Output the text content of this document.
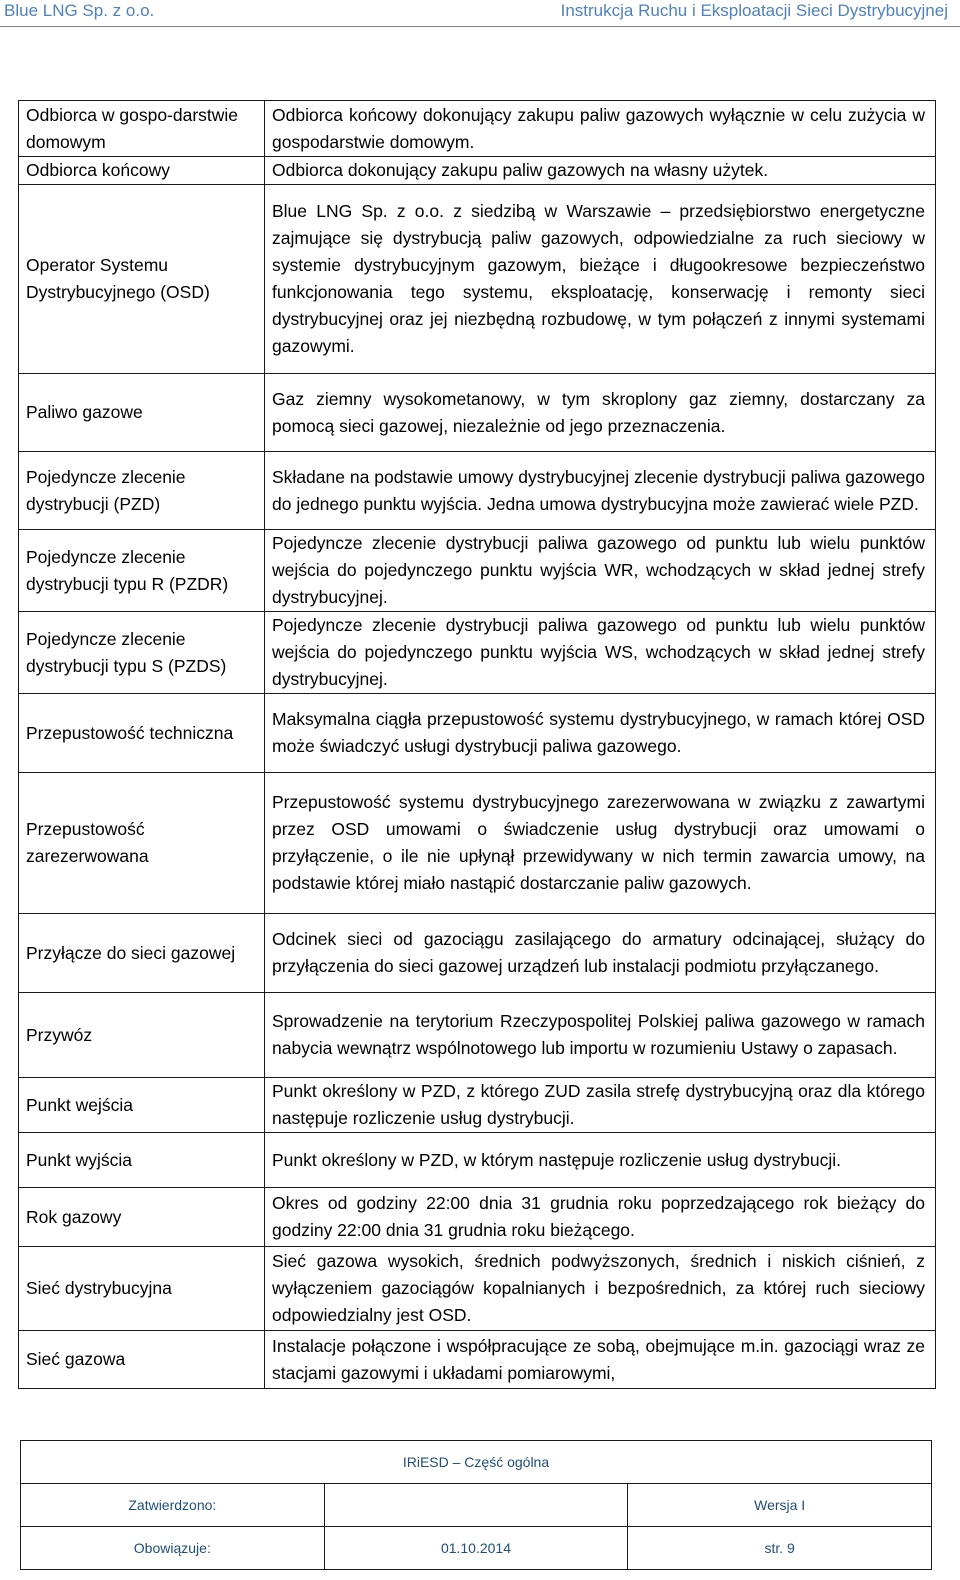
Blue LNG Sp. z o.o.	Instrukcja Ruchu i Eksploatacji Sieci Dystrybucyjnej
Odbiorca w gospo-darstwie domowym	Odbiorca końcowy dokonujący zakupu paliw gazowych wyłącznie w celu zużycia w gospodarstwie domowym.
Odbiorca końcowy	Odbiorca dokonujący zakupu paliw gazowych na własny użytek.
Operator Systemu Dystrybucyjnego (OSD)	Blue LNG Sp. z o.o. z siedzibą w Warszawie – przedsiębiorstwo energetyczne zajmujące się dystrybucją paliw gazowych, odpowiedzialne za ruch sieciowy w systemie dystrybucyjnym gazowym, bieżące i długookresowe bezpieczeństwo funkcjonowania tego systemu, eksploatację, konserwację i remonty sieci dystrybucyjnej oraz jej niezbędną rozbudowę, w tym połączeń z innymi systemami gazowymi.
Paliwo gazowe	Gaz ziemny wysokometanowy, w tym skroplony gaz ziemny, dostarczany za pomocą sieci gazowej, niezależnie od jego przeznaczenia.
Pojedyncze zlecenie dystrybucji (PZD)	Składane na podstawie umowy dystrybucyjnej zlecenie dystrybucji paliwa gazowego do jednego punktu wyjścia. Jedna umowa dystrybucyjna może zawierać wiele PZD.
Pojedyncze zlecenie dystrybucji typu R (PZDR)	Pojedyncze zlecenie dystrybucji paliwa gazowego od punktu lub wielu punktów wejścia do pojedynczego punktu wyjścia WR, wchodzących w skład jednej strefy dystrybucyjnej.
Pojedyncze zlecenie dystrybucji typu S (PZDS)	Pojedyncze zlecenie dystrybucji paliwa gazowego od punktu lub wielu punktów wejścia do pojedynczego punktu wyjścia WS, wchodzących w skład jednej strefy dystrybucyjnej.
Przepustowość techniczna	Maksymalna ciągła przepustowość systemu dystrybucyjnego, w ramach której OSD może świadczyć usługi dystrybucji paliwa gazowego.
Przepustowość zarezerwowana	Przepustowość systemu dystrybucyjnego zarezerwowana w związku z zawartymi przez OSD umowami o świadczenie usług dystrybucji oraz umowami o przyłączenie, o ile nie upłynął przewidywany w nich termin zawarcia umowy, na podstawie której miało nastąpić dostarczanie paliw gazowych.
Przyłącze do sieci gazowej	Odcinek sieci od gazociągu zasilającego do armatury odcinającej, służący do przyłączenia do sieci gazowej urządzeń lub instalacji podmiotu przyłączanego.
Przywóz	Sprowadzenie na terytorium Rzeczypospolitej Polskiej paliwa gazowego w ramach nabycia wewnątrz wspólnotowego lub importu w rozumieniu Ustawy o zapasach.
Punkt wejścia	Punkt określony w PZD, z którego ZUD zasila strefę dystrybucyjną oraz dla którego następuje rozliczenie usług dystrybucji.
Punkt wyjścia	Punkt określony w PZD, w którym następuje rozliczenie usług dystrybucji.
Rok gazowy	Okres od godziny 22:00 dnia 31 grudnia roku poprzedzającego rok bieżący do godziny 22:00 dnia 31 grudnia roku bieżącego.
Sieć dystrybucyjna	Sieć gazowa wysokich, średnich podwyższonych, średnich i niskich ciśnień, z wyłączeniem gazociągów kopalnianych i bezpośrednich, za której ruch sieciowy odpowiedzialny jest OSD.
Sieć gazowa	Instalacje połączone i współpracujące ze sobą, obejmujące m.in. gazociągi wraz ze stacjami gazowymi i układami pomiarowymi,
IRiESD – Część ogólna		
Zatwierdzono:		Wersja I
Obowiązuje:	01.10.2014	str. 9
